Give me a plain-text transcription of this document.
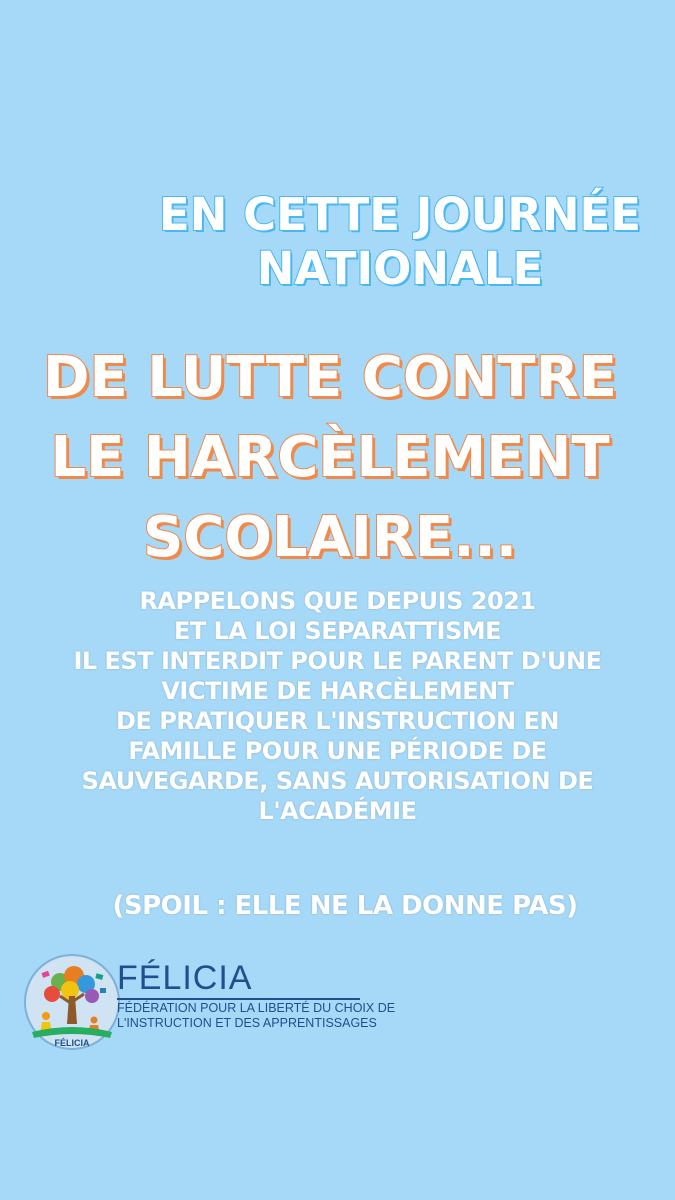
EN CETTE JOURNÉE
NATIONALE
DE LUTTE CONTRE
LE HARCÈLEMENT
SCOLAIRE...
RAPPELONS QUE DEPUIS 2021
ET LA LOI SEPARATTISME
IL EST INTERDIT POUR LE PARENT D'UNE
VICTIME DE HARCÈLEMENT
DE PRATIQUER L'INSTRUCTION EN
FAMILLE POUR UNE PÉRIODE DE
SAUVEGARDE, SANS AUTORISATION DE
L'ACADÉMIE
(SPOIL : ELLE NE LA DONNE PAS)
FÉLICIA
FÉLICIA
FÉDÉRATION POUR LA LIBERTÉ DU CHOIX DE
L'INSTRUCTION ET DES APPRENTISSAGES
